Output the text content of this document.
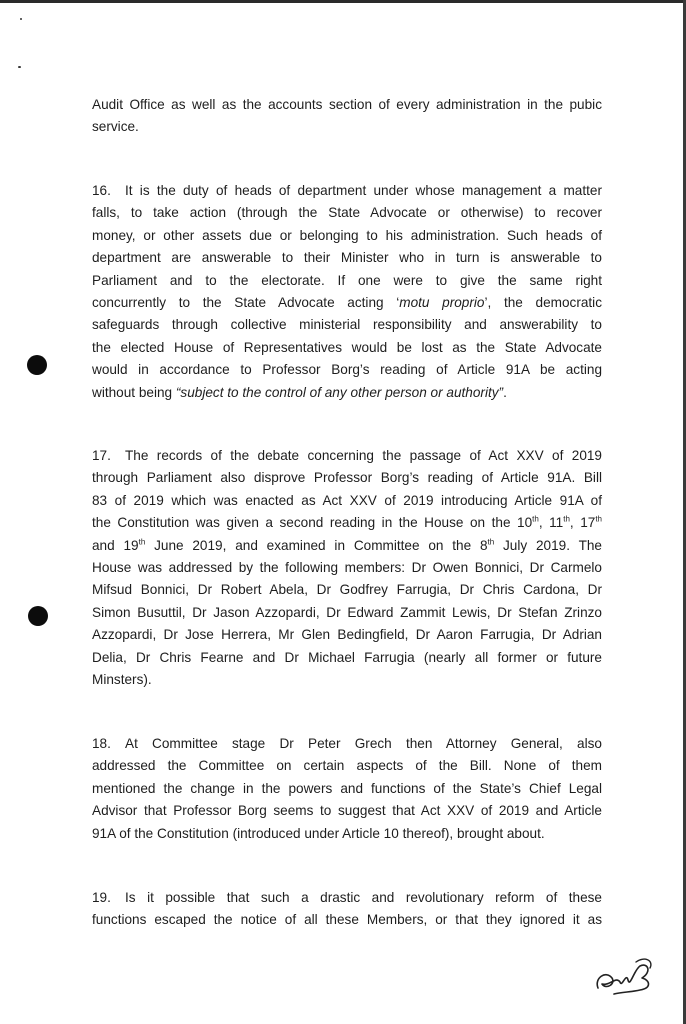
Audit Office as well as the accounts section of every administration in the pubic
service.
16. It is the duty of heads of department under whose management a matter
falls, to take action (through the State Advocate or otherwise) to recover
money, or other assets due or belonging to his administration. Such heads of
department are answerable to their Minister who in turn is answerable to
Parliament and to the electorate. If one were to give the same right
concurrently to the State Advocate acting ‘motu proprio’, the democratic
safeguards through collective ministerial responsibility and answerability to
the elected House of Representatives would be lost as the State Advocate
would in accordance to Professor Borg’s reading of Article 91A be acting
without being “subject to the control of any other person or authority”.
17. The records of the debate concerning the passage of Act XXV of 2019
through Parliament also disprove Professor Borg’s reading of Article 91A. Bill
83 of 2019 which was enacted as Act XXV of 2019 introducing Article 91A of
the Constitution was given a second reading in the House on the 10th, 11th, 17th
and 19th June 2019, and examined in Committee on the 8th July 2019. The
House was addressed by the following members: Dr Owen Bonnici, Dr Carmelo
Mifsud Bonnici, Dr Robert Abela, Dr Godfrey Farrugia, Dr Chris Cardona, Dr
Simon Busuttil, Dr Jason Azzopardi, Dr Edward Zammit Lewis, Dr Stefan Zrinzo
Azzopardi, Dr Jose Herrera, Mr Glen Bedingfield, Dr Aaron Farrugia, Dr Adrian
Delia, Dr Chris Fearne and Dr Michael Farrugia (nearly all former or future
Minsters).
18. At Committee stage Dr Peter Grech then Attorney General, also
addressed the Committee on certain aspects of the Bill. None of them
mentioned the change in the powers and functions of the State’s Chief Legal
Advisor that Professor Borg seems to suggest that Act XXV of 2019 and Article
91A of the Constitution (introduced under Article 10 thereof), brought about.
19. Is it possible that such a drastic and revolutionary reform of these
functions escaped the notice of all these Members, or that they ignored it as
